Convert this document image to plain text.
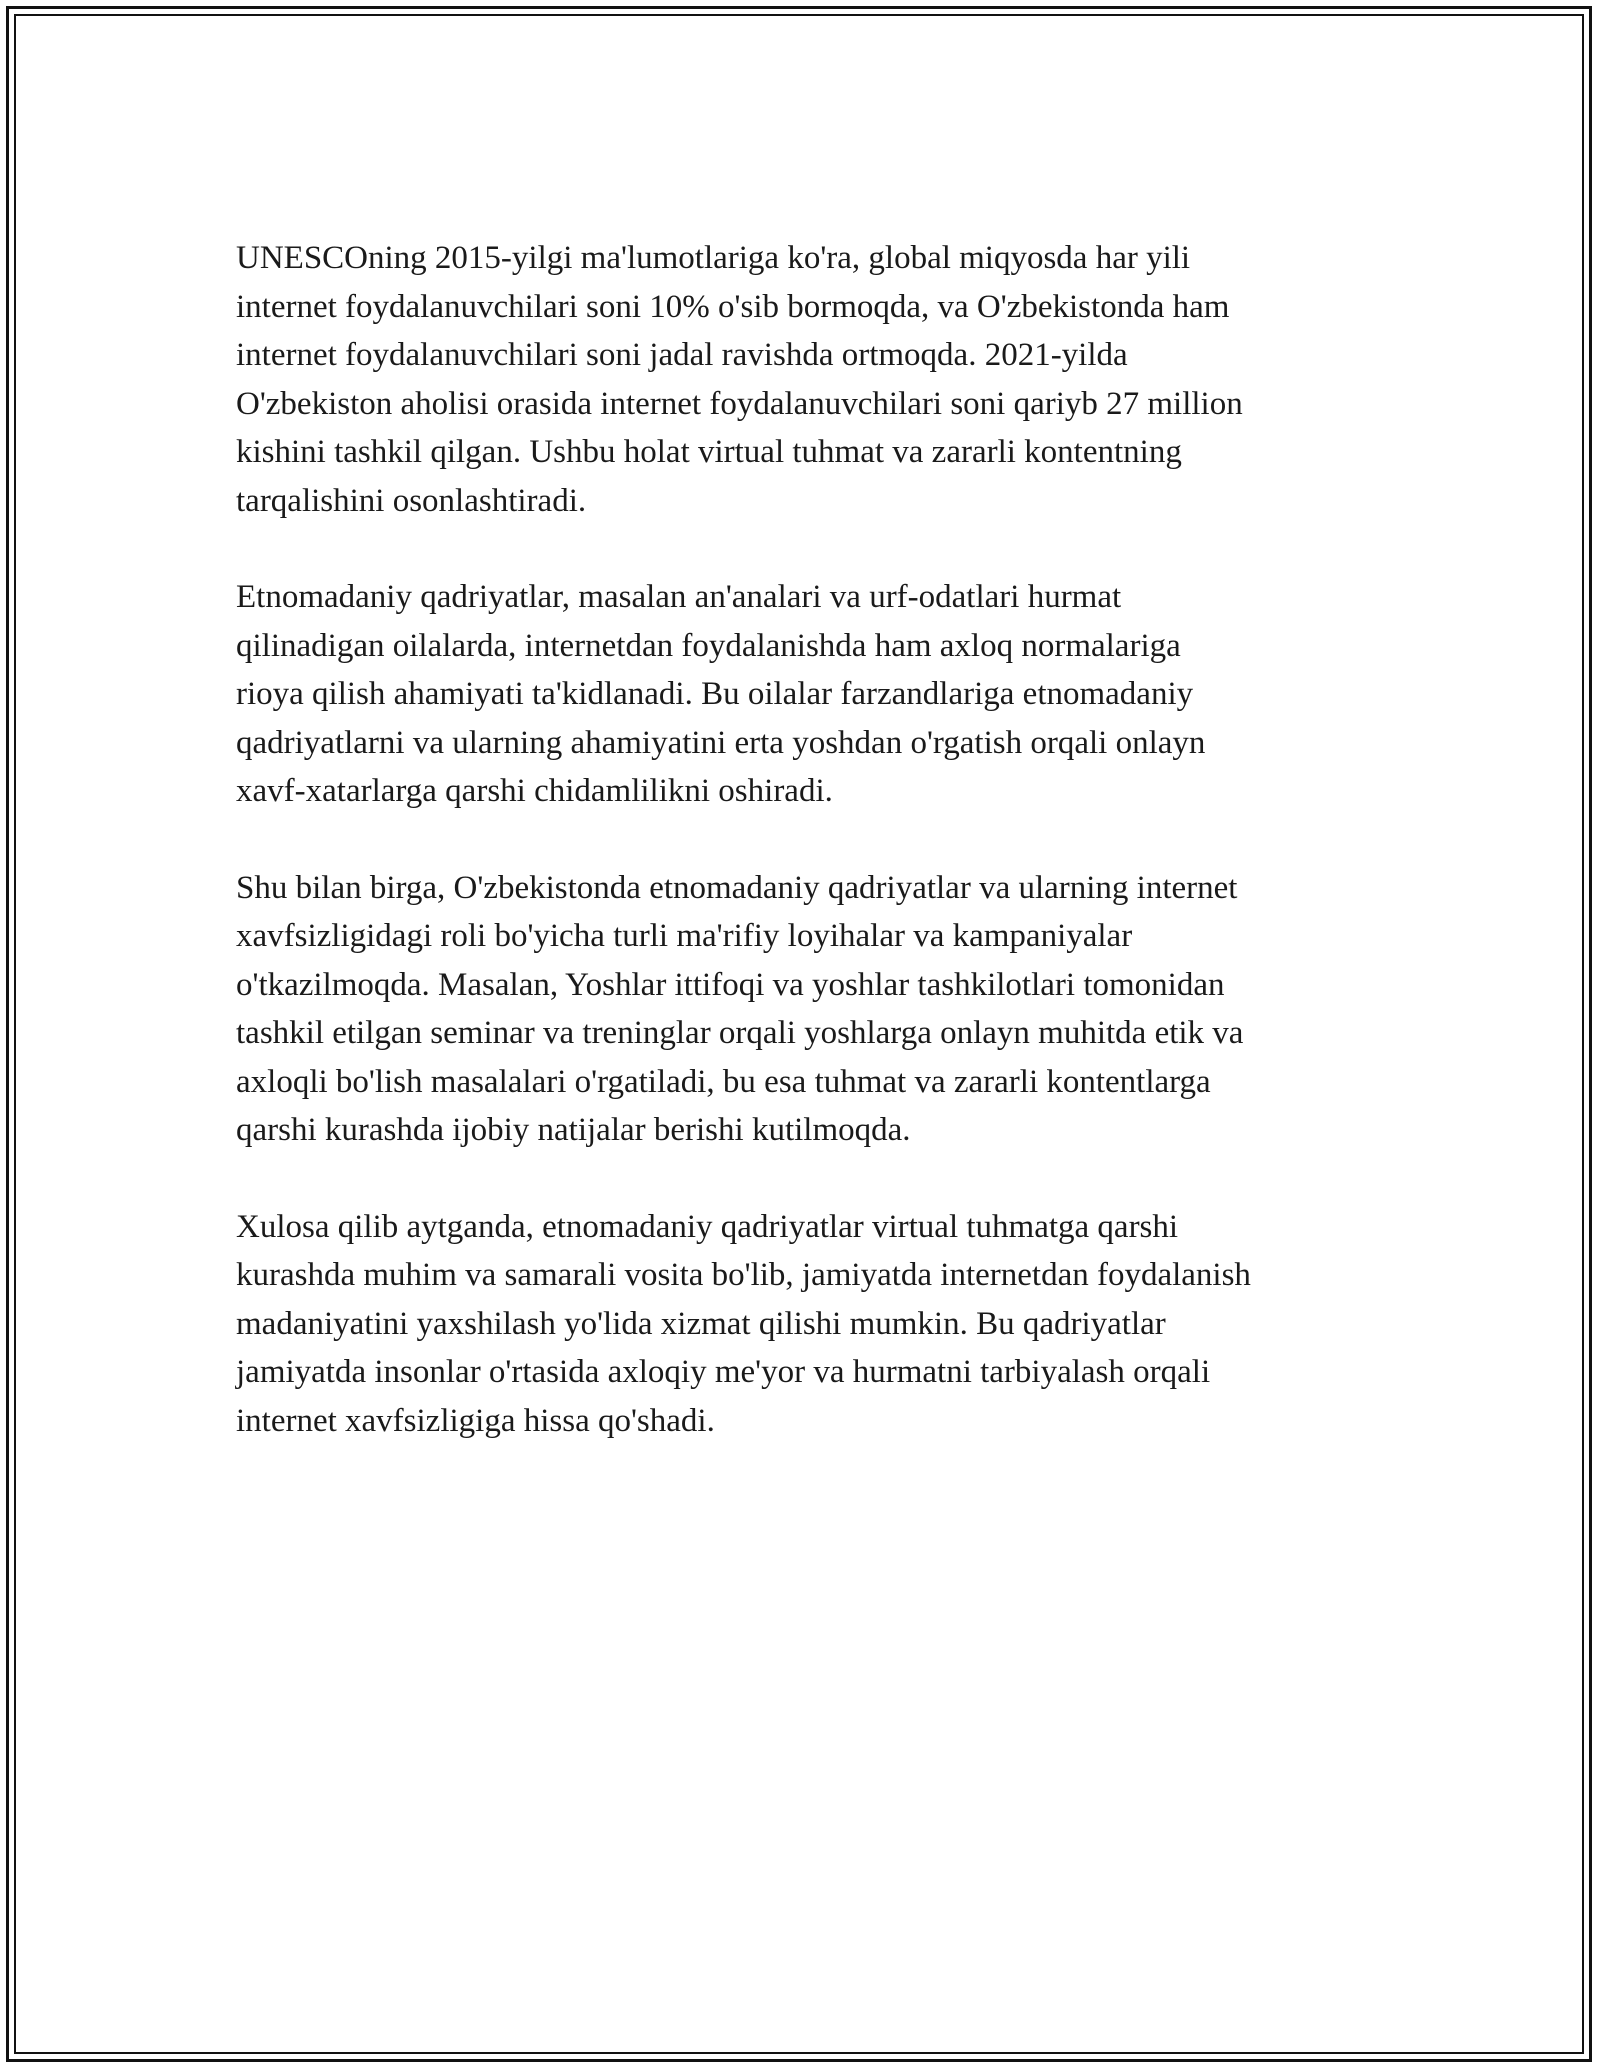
UNESCOning 2015-yilgi ma'lumotlariga ko'ra, global miqyosda har yili
internet foydalanuvchilari soni 10% o'sib bormoqda, va O'zbekistonda ham
internet foydalanuvchilari soni jadal ravishda ortmoqda. 2021-yilda
O'zbekiston aholisi orasida internet foydalanuvchilari soni qariyb 27 million
kishini tashkil qilgan. Ushbu holat virtual tuhmat va zararli kontentning
tarqalishini osonlashtiradi.

Etnomadaniy qadriyatlar, masalan an'analari va urf-odatlari hurmat
qilinadigan oilalarda, internetdan foydalanishda ham axloq normalariga
rioya qilish ahamiyati ta'kidlanadi. Bu oilalar farzandlariga etnomadaniy
qadriyatlarni va ularning ahamiyatini erta yoshdan o'rgatish orqali onlayn
xavf-xatarlarga qarshi chidamlilikni oshiradi.

Shu bilan birga, O'zbekistonda etnomadaniy qadriyatlar va ularning internet
xavfsizligidagi roli bo'yicha turli ma'rifiy loyihalar va kampaniyalar
o'tkazilmoqda. Masalan, Yoshlar ittifoqi va yoshlar tashkilotlari tomonidan
tashkil etilgan seminar va treninglar orqali yoshlarga onlayn muhitda etik va
axloqli bo'lish masalalari o'rgatiladi, bu esa tuhmat va zararli kontentlarga
qarshi kurashda ijobiy natijalar berishi kutilmoqda.

Xulosa qilib aytganda, etnomadaniy qadriyatlar virtual tuhmatga qarshi
kurashda muhim va samarali vosita bo'lib, jamiyatda internetdan foydalanish
madaniyatini yaxshilash yo'lida xizmat qilishi mumkin. Bu qadriyatlar
jamiyatda insonlar o'rtasida axloqiy me'yor va hurmatni tarbiyalash orqali
internet xavfsizligiga hissa qo'shadi.
